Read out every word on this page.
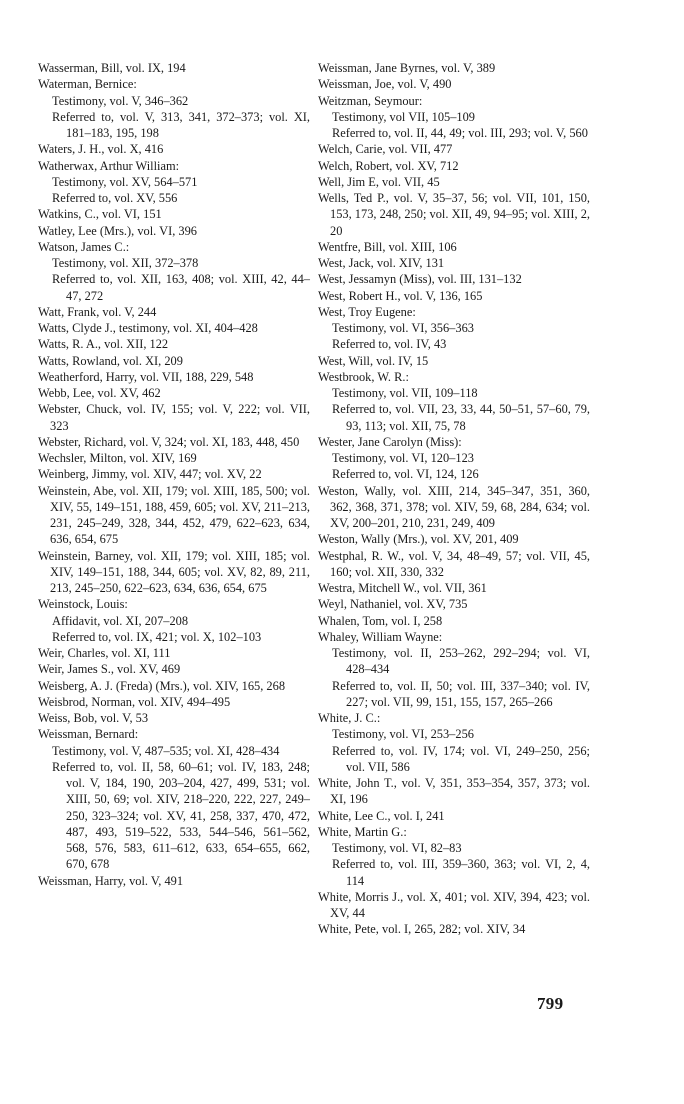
Wasserman, Bill, vol. IX, 194

Waterman, Bernice:

Testimony, vol. V, 346–362

Referred to, vol. V, 313, 341, 372–373; vol. XI, 181–183, 195, 198

Waters, J. H., vol. X, 416

Watherwax, Arthur William:

Testimony, vol. XV, 564–571

Referred to, vol. XV, 556

Watkins, C., vol. VI, 151

Watley, Lee (Mrs.), vol. VI, 396

Watson, James C.:

Testimony, vol. XII, 372–378

Referred to, vol. XII, 163, 408; vol. XIII, 42, 44–47, 272

Watt, Frank, vol. V, 244

Watts, Clyde J., testimony, vol. XI, 404–428

Watts, R. A., vol. XII, 122

Watts, Rowland, vol. XI, 209

Weatherford, Harry, vol. VII, 188, 229, 548

Webb, Lee, vol. XV, 462

Webster, Chuck, vol. IV, 155; vol. V, 222; vol. VII, 323

Webster, Richard, vol. V, 324; vol. XI, 183, 448, 450

Wechsler, Milton, vol. XIV, 169

Weinberg, Jimmy, vol. XIV, 447; vol. XV, 22

Weinstein, Abe, vol. XII, 179; vol. XIII, 185, 500; vol. XIV, 55, 149–151, 188, 459, 605; vol. XV, 211–213, 231, 245–249, 328, 344, 452, 479, 622–623, 634, 636, 654, 675

Weinstein, Barney, vol. XII, 179; vol. XIII, 185; vol. XIV, 149–151, 188, 344, 605; vol. XV, 82, 89, 211, 213, 245–250, 622–623, 634, 636, 654, 675

Weinstock, Louis:

Affidavit, vol. XI, 207–208

Referred to, vol. IX, 421; vol. X, 102–103

Weir, Charles, vol. XI, 111

Weir, James S., vol. XV, 469

Weisberg, A. J. (Freda) (Mrs.), vol. XIV, 165, 268

Weisbrod, Norman, vol. XIV, 494–495

Weiss, Bob, vol. V, 53

Weissman, Bernard:

Testimony, vol. V, 487–535; vol. XI, 428–434

Referred to, vol. II, 58, 60–61; vol. IV, 183, 248; vol. V, 184, 190, 203–204, 427, 499, 531; vol. XIII, 50, 69; vol. XIV, 218–220, 222, 227, 249–250, 323–324; vol. XV, 41, 258, 337, 470, 472, 487, 493, 519–522, 533, 544–546, 561–562, 568, 576, 583, 611–612, 633, 654–655, 662, 670, 678

Weissman, Harry, vol. V, 491

Weissman, Jane Byrnes, vol. V, 389

Weissman, Joe, vol. V, 490

Weitzman, Seymour:

Testimony, vol VII, 105–109

Referred to, vol. II, 44, 49; vol. III, 293; vol. V, 560

Welch, Carie, vol. VII, 477

Welch, Robert, vol. XV, 712

Well, Jim E, vol. VII, 45

Wells, Ted P., vol. V, 35–37, 56; vol. VII, 101, 150, 153, 173, 248, 250; vol. XII, 49, 94–95; vol. XIII, 2, 20

Wentfre, Bill, vol. XIII, 106

West, Jack, vol. XIV, 131

West, Jessamyn (Miss), vol. III, 131–132

West, Robert H., vol. V, 136, 165

West, Troy Eugene:

Testimony, vol. VI, 356–363

Referred to, vol. IV, 43

West, Will, vol. IV, 15

Westbrook, W. R.:

Testimony, vol. VII, 109–118

Referred to, vol. VII, 23, 33, 44, 50–51, 57–60, 79, 93, 113; vol. XII, 75, 78

Wester, Jane Carolyn (Miss):

Testimony, vol. VI, 120–123

Referred to, vol. VI, 124, 126

Weston, Wally, vol. XIII, 214, 345–347, 351, 360, 362, 368, 371, 378; vol. XIV, 59, 68, 284, 634; vol. XV, 200–201, 210, 231, 249, 409

Weston, Wally (Mrs.), vol. XV, 201, 409

Westphal, R. W., vol. V, 34, 48–49, 57; vol. VII, 45, 160; vol. XII, 330, 332

Westra, Mitchell W., vol. VII, 361

Weyl, Nathaniel, vol. XV, 735

Whalen, Tom, vol. I, 258

Whaley, William Wayne:

Testimony, vol. II, 253–262, 292–294; vol. VI, 428–434

Referred to, vol. II, 50; vol. III, 337–340; vol. IV, 227; vol. VII, 99, 151, 155, 157, 265–266

White, J. C.:

Testimony, vol. VI, 253–256

Referred to, vol. IV, 174; vol. VI, 249–250, 256; vol. VII, 586

White, John T., vol. V, 351, 353–354, 357, 373; vol. XI, 196

White, Lee C., vol. I, 241

White, Martin G.:

Testimony, vol. VI, 82–83

Referred to, vol. III, 359–360, 363; vol. VI, 2, 4, 114

White, Morris J., vol. X, 401; vol. XIV, 394, 423; vol. XV, 44

White, Pete, vol. I, 265, 282; vol. XIV, 34

799
